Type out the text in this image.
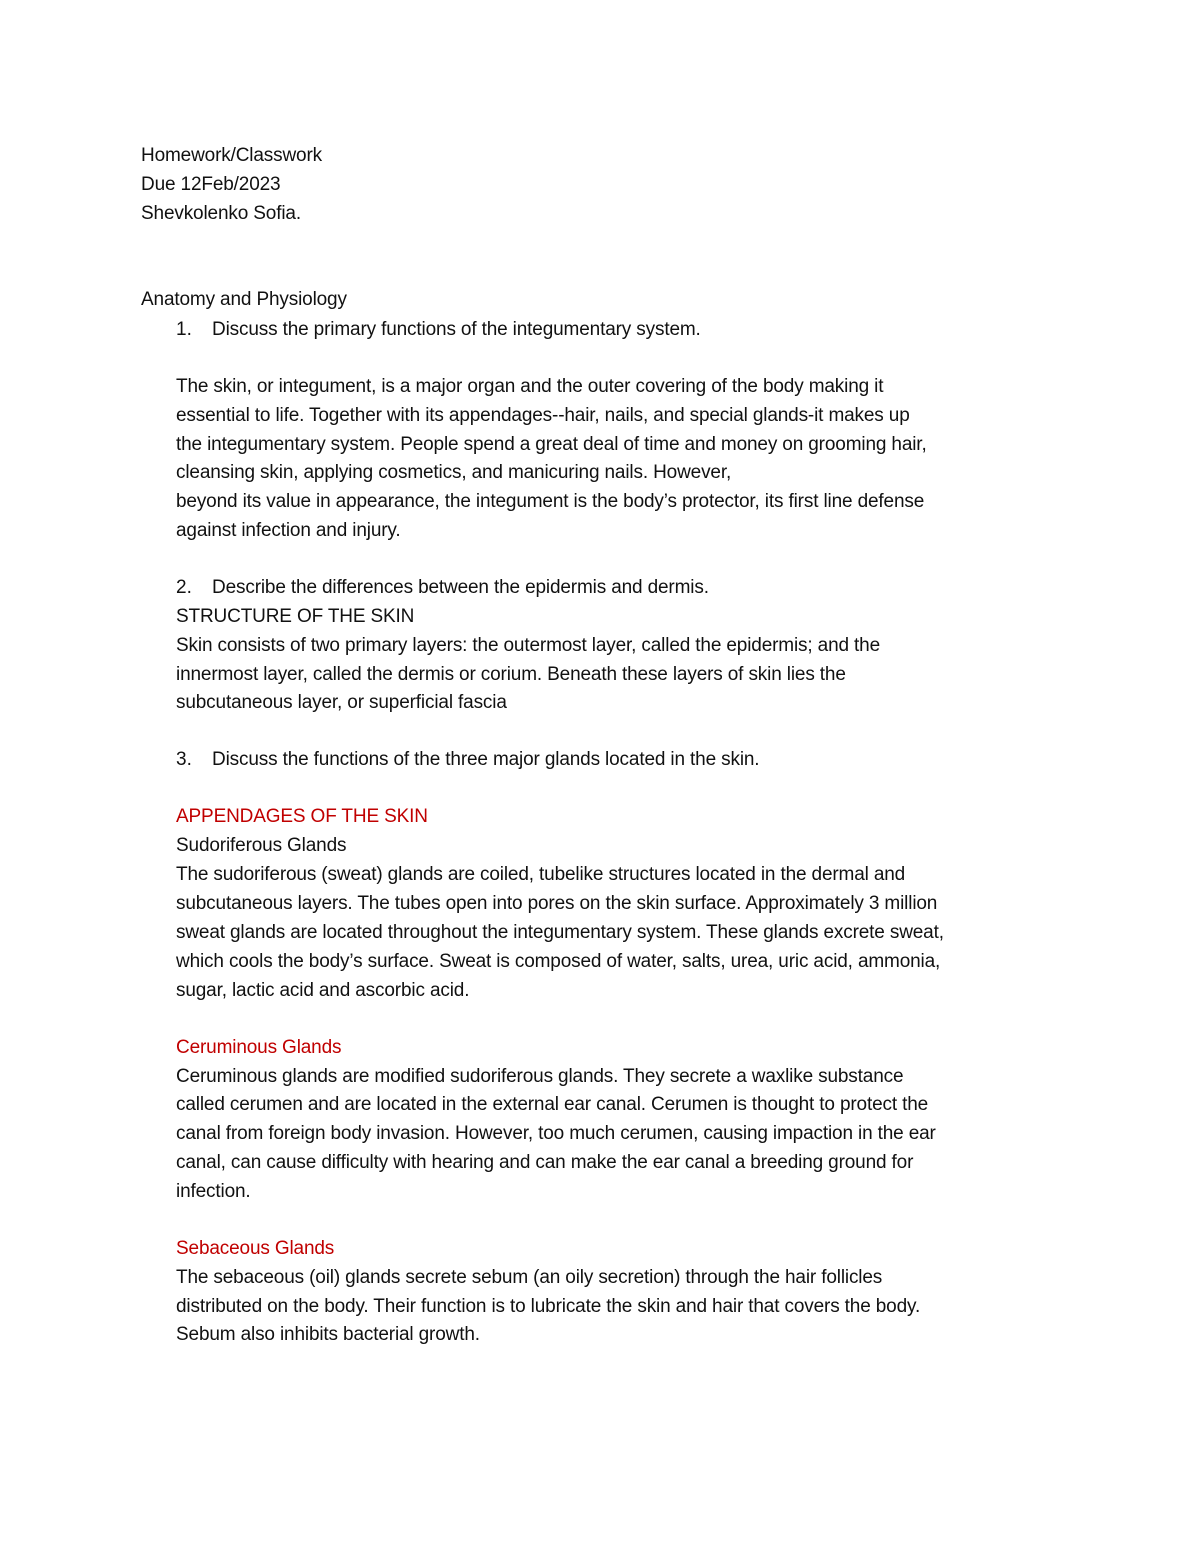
Homework/Classwork
Due 12Feb/2023
Shevkolenko Sofia.
Anatomy and Physiology
1. Discuss the primary functions of the integumentary system.
The skin, or integument, is a major organ and the outer covering of the body making it
essential to life. Together with its appendages--hair, nails, and special glands-it makes up
the integumentary system. People spend a great deal of time and money on grooming hair,
cleansing skin, applying cosmetics, and manicuring nails. However,
beyond its value in appearance, the integument is the body’s protector, its first line defense
against infection and injury.
2. Describe the differences between the epidermis and dermis.
STRUCTURE OF THE SKIN
Skin consists of two primary layers: the outermost layer, called the epidermis; and the
innermost layer, called the dermis or corium. Beneath these layers of skin lies the
subcutaneous layer, or superficial fascia
3. Discuss the functions of the three major glands located in the skin.
APPENDAGES OF THE SKIN
Sudoriferous Glands
The sudoriferous (sweat) glands are coiled, tubelike structures located in the dermal and
subcutaneous layers. The tubes open into pores on the skin surface. Approximately 3 million
sweat glands are located throughout the integumentary system. These glands excrete sweat,
which cools the body’s surface. Sweat is composed of water, salts, urea, uric acid, ammonia,
sugar, lactic acid and ascorbic acid.
Ceruminous Glands
Ceruminous glands are modified sudoriferous glands. They secrete a waxlike substance
called cerumen and are located in the external ear canal. Cerumen is thought to protect the
canal from foreign body invasion. However, too much cerumen, causing impaction in the ear
canal, can cause difficulty with hearing and can make the ear canal a breeding ground for
infection.
Sebaceous Glands
The sebaceous (oil) glands secrete sebum (an oily secretion) through the hair follicles
distributed on the body. Their function is to lubricate the skin and hair that covers the body.
Sebum also inhibits bacterial growth.
